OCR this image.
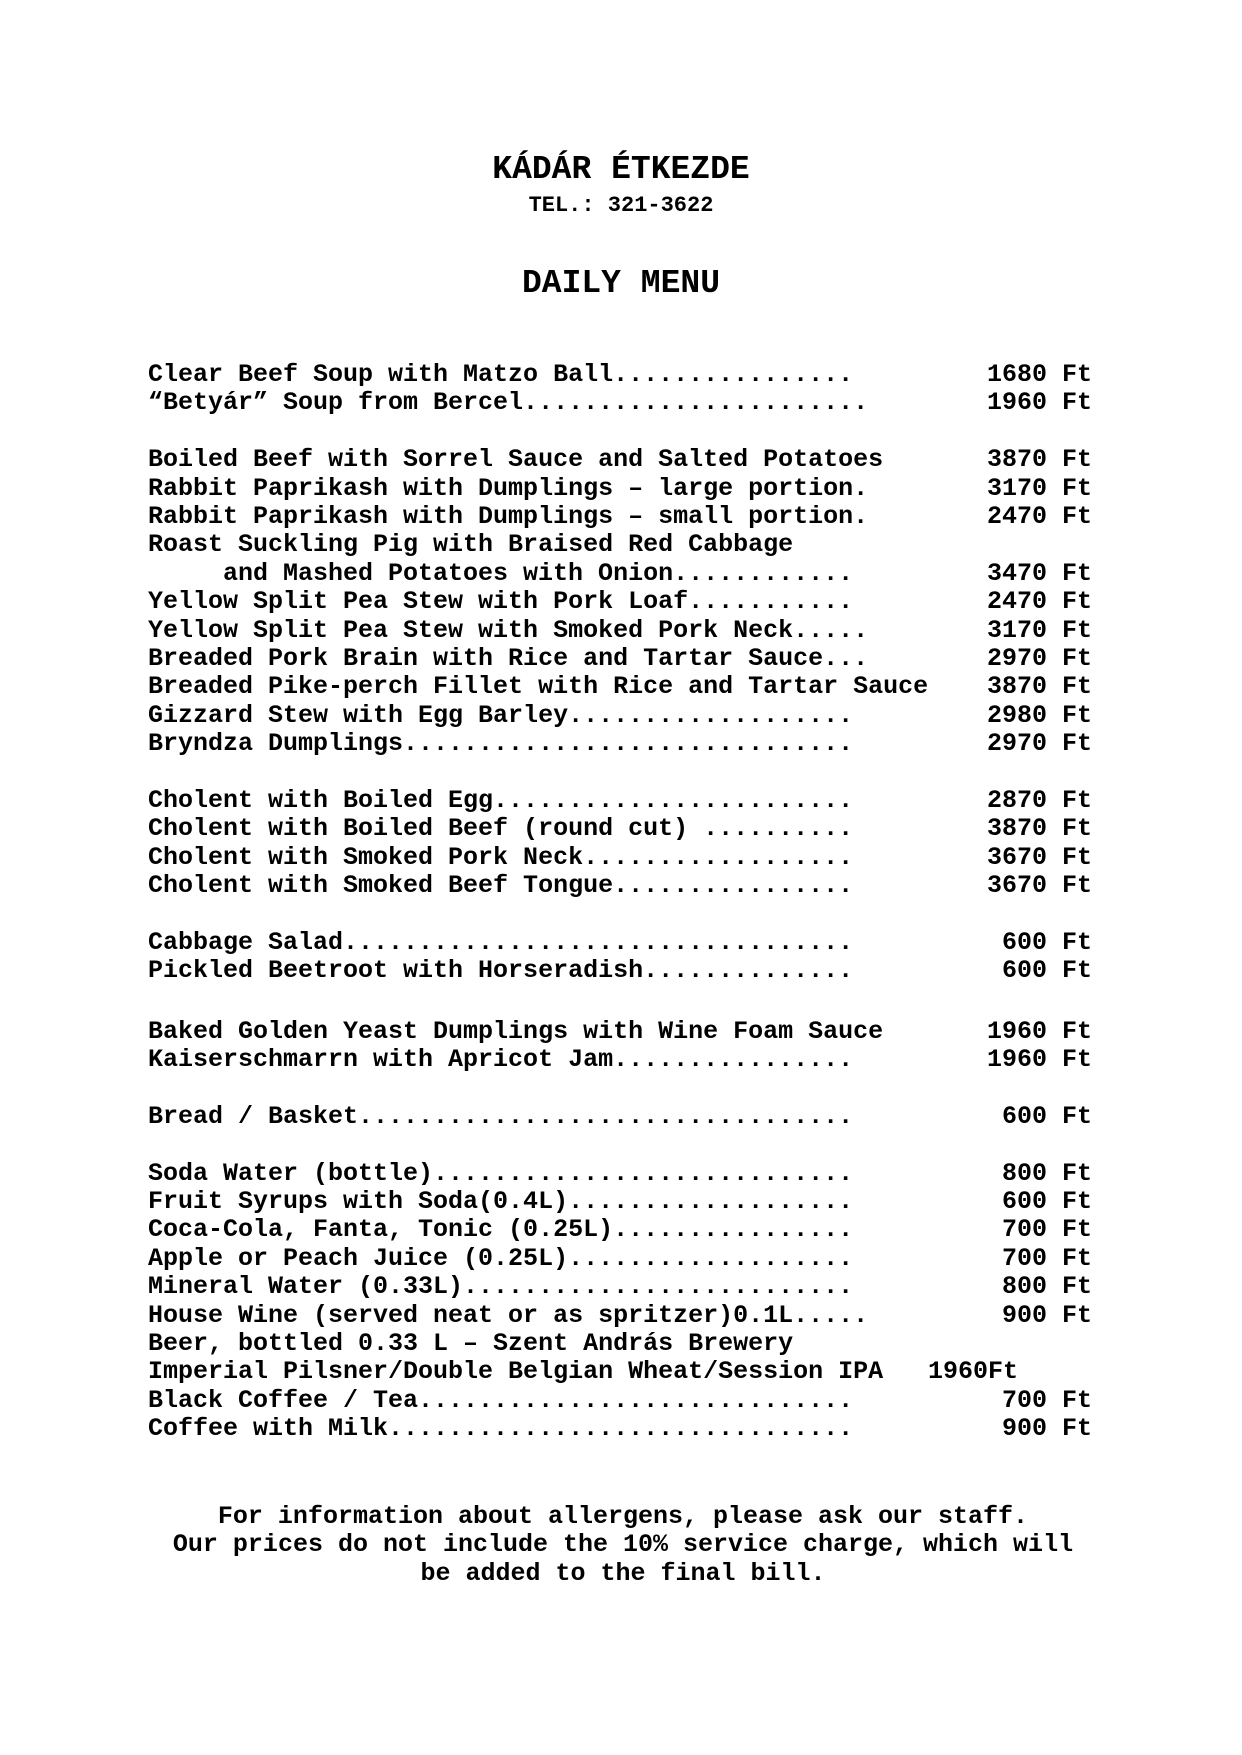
KÁDÁR ÉTKEZDE
TEL.: 321-3622
DAILY MENU
Clear Beef Soup with Matzo Ball................	1680 Ft
“Betyár” Soup from Bercel.......................	1960 Ft
Boiled Beef with Sorrel Sauce and Salted Potatoes	3870 Ft
Rabbit Paprikash with Dumplings – large portion.	3170 Ft
Rabbit Paprikash with Dumplings – small portion.	2470 Ft
Roast Suckling Pig with Braised Red Cabbage
and Mashed Potatoes with Onion............	3470 Ft
Yellow Split Pea Stew with Pork Loaf...........	2470 Ft
Yellow Split Pea Stew with Smoked Pork Neck.....	3170 Ft
Breaded Pork Brain with Rice and Tartar Sauce...	2970 Ft
Breaded Pike-perch Fillet with Rice and Tartar Sauce 3870 Ft
Gizzard Stew with Egg Barley...................	2980 Ft
Bryndza Dumplings..............................	2970 Ft
Cholent with Boiled Egg........................	2870 Ft
Cholent with Boiled Beef (round cut) ..........	3870 Ft
Cholent with Smoked Pork Neck..................	3670 Ft
Cholent with Smoked Beef Tongue................	3670 Ft
Cabbage Salad..................................	600 Ft
Pickled Beetroot with Horseradish..............	600 Ft
Baked Golden Yeast Dumplings with Wine Foam Sauce	1960 Ft
Kaiserschmarrn with Apricot Jam................	1960 Ft
Bread / Basket.................................	600 Ft
Soda Water (bottle)............................	800 Ft
Fruit Syrups with Soda(0.4L)...................	600 Ft
Coca-Cola, Fanta, Tonic (0.25L)................	700 Ft
Apple or Peach Juice (0.25L)...................	700 Ft
Mineral Water (0.33L)..........................	800 Ft
House Wine (served neat or as spritzer)0.1L.....	900 Ft
Beer, bottled 0.33 L – Szent András Brewery
Imperial Pilsner/Double Belgian Wheat/Session IPA 1960Ft
Black Coffee / Tea.............................	700 Ft
Coffee with Milk...............................	900 Ft
For information about allergens, please ask our staff.
Our prices do not include the 10% service charge, which will
be added to the final bill.
